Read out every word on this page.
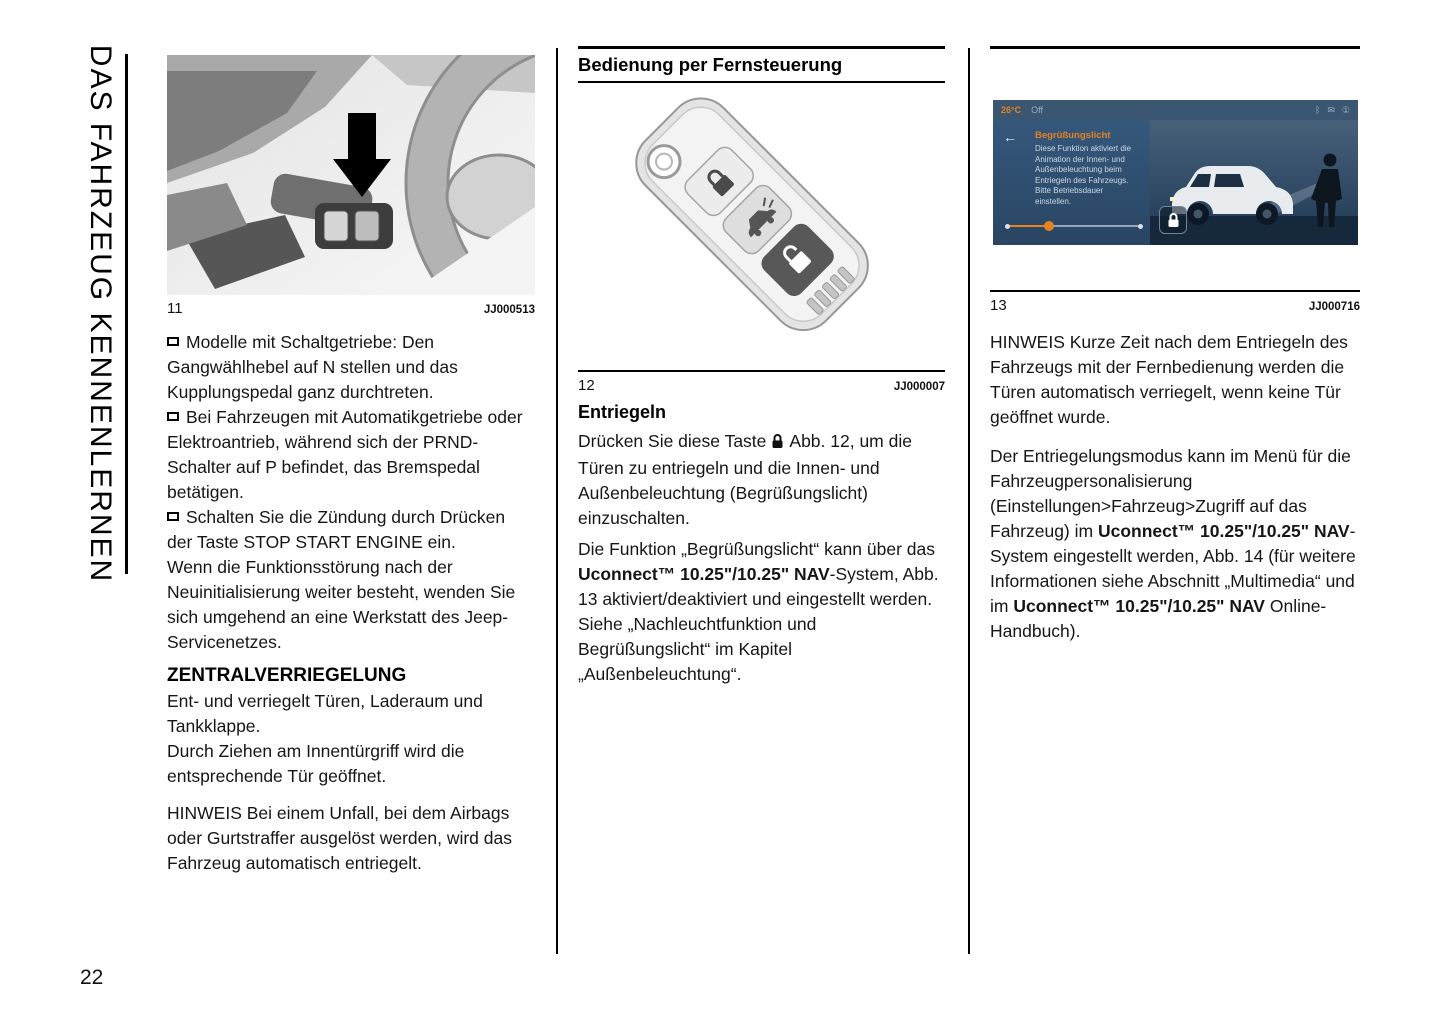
DAS FAHRZEUG KENNENLERNEN
22
11	JJ000513

Modelle mit Schaltgetriebe: Den Gangwählhebel auf N stellen und das Kupplungspedal ganz durchtreten.

Bei Fahrzeugen mit Automatikgetriebe oder Elektroantrieb, während sich der PRND-Schalter auf P befindet, das Bremspedal betätigen.

Schalten Sie die Zündung durch Drücken der Taste STOP START ENGINE ein.

Wenn die Funktionsstörung nach der Neuinitialisierung weiter besteht, wenden Sie sich umgehend an eine Werkstatt des Jeep-Servicenetzes.

ZENTRALVERRIEGELUNG

Ent- und verriegelt Türen, Laderaum und Tankklappe.

Durch Ziehen am Innentürgriff wird die entsprechende Tür geöffnet.

HINWEIS Bei einem Unfall, bei dem Airbags oder Gurtstraffer ausgelöst werden, wird das Fahrzeug automatisch entriegelt.

Bedienung per Fernsteuerung
12	JJ000007
Entriegeln

Drücken Sie diese Taste Abb. 12, um die Türen zu entriegeln und die Innen- und Außenbeleuchtung (Begrüßungslicht) einzuschalten.

Die Funktion „Begrüßungslicht“ kann über das Uconnect™ 10.25"/10.25" NAV-System, Abb. 13 aktiviert/deaktiviert und eingestellt werden. Siehe „Nachleuchtfunktion und Begrüßungslicht“ im Kapitel „Außenbeleuchtung“.

26°C Off	ᛒ ✉ ①
← Begrüßungslicht
Diese Funktion aktiviert die Animation der Innen- und Außenbeleuchtung beim Entriegeln des Fahrzeugs. Bitte Betriebsdauer einstellen.
13	JJ000716

HINWEIS Kurze Zeit nach dem Entriegeln des Fahrzeugs mit der Fernbedienung werden die Türen automatisch verriegelt, wenn keine Tür geöffnet wurde.

Der Entriegelungsmodus kann im Menü für die Fahrzeugpersonalisierung (Einstellungen>Fahrzeug>Zugriff auf das Fahrzeug) im Uconnect™ 10.25"/10.25" NAV-System eingestellt werden, Abb. 14 (für weitere Informationen siehe Abschnitt „Multimedia“ und im Uconnect™ 10.25"/10.25" NAV Online-Handbuch).
